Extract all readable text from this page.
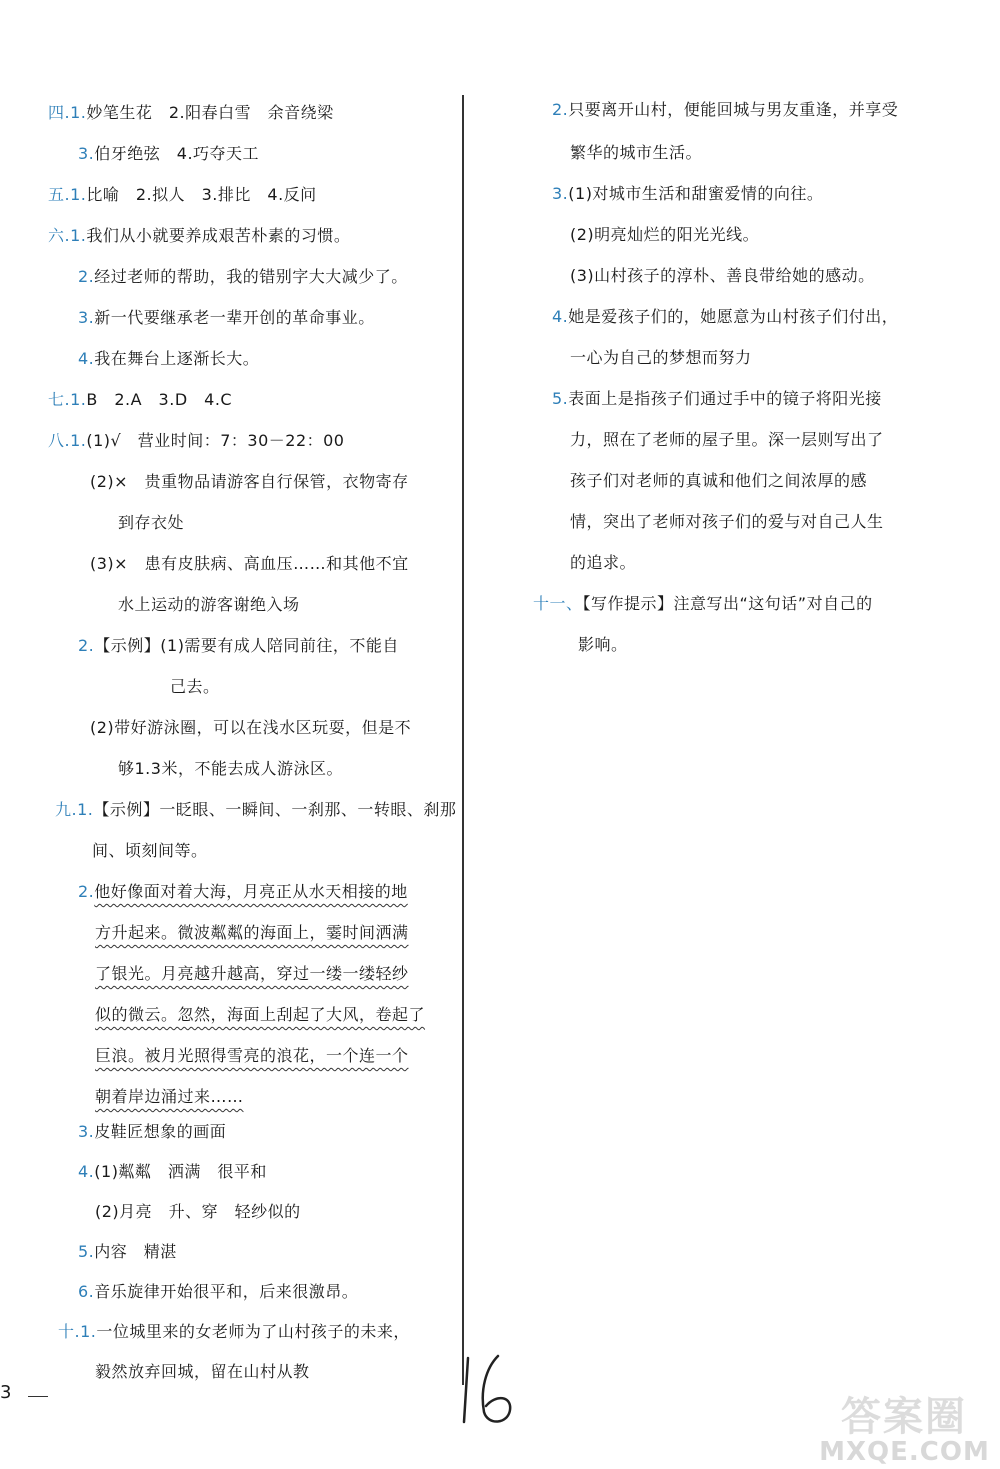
四.1.妙笔生花　2.阳春白雪　余音绕梁
3.伯牙绝弦　4.巧夺天工
五.1.比喻　2.拟人　3.排比　4.反问
六.1.我们从小就要养成艰苦朴素的习惯。
2.经过老师的帮助，我的错别字大大减少了。
3.新一代要继承老一辈开创的革命事业。
4.我在舞台上逐渐长大。
七.1.B　2.A　3.D　4.C
八.1.(1)√　营业时间：7：30－22：00
(2)×　贵重物品请游客自行保管，衣物寄存
到存衣处
(3)×　患有皮肤病、高血压……和其他不宜
水上运动的游客谢绝入场
2.【示例】(1)需要有成人陪同前往，不能自
己去。
(2)带好游泳圈，可以在浅水区玩耍，但是不
够1.3米，不能去成人游泳区。
九.1.【示例】一眨眼、一瞬间、一刹那、一转眼、刹那
间、顷刻间等。
2.他好像面对着大海，月亮正从水天相接的地
方升起来。微波粼粼的海面上，霎时间洒满
了银光。月亮越升越高，穿过一缕一缕轻纱
似的微云。忽然，海面上刮起了大风，卷起了
巨浪。被月光照得雪亮的浪花，一个连一个
朝着岸边涌过来……
3.皮鞋匠想象的画面
4.(1)粼粼　洒满　很平和
(2)月亮　升、穿　轻纱似的
5.内容　精湛
6.音乐旋律开始很平和，后来很激昂。
十.1.一位城里来的女老师为了山村孩子的未来，
毅然放弃回城，留在山村从教
2.只要离开山村，便能回城与男友重逢，并享受
繁华的城市生活。
3.(1)对城市生活和甜蜜爱情的向往。
(2)明亮灿烂的阳光光线。
(3)山村孩子的淳朴、善良带给她的感动。
4.她是爱孩子们的，她愿意为山村孩子们付出，
一心为自己的梦想而努力
5.表面上是指孩子们通过手中的镜子将阳光接
力，照在了老师的屋子里。深一层则写出了
孩子们对老师的真诚和他们之间浓厚的感
情，突出了老师对孩子们的爱与对自己人生
的追求。
十一、【写作提示】注意写出“这句话”对自己的
影响。
3
答案圈
MXQE.COM
